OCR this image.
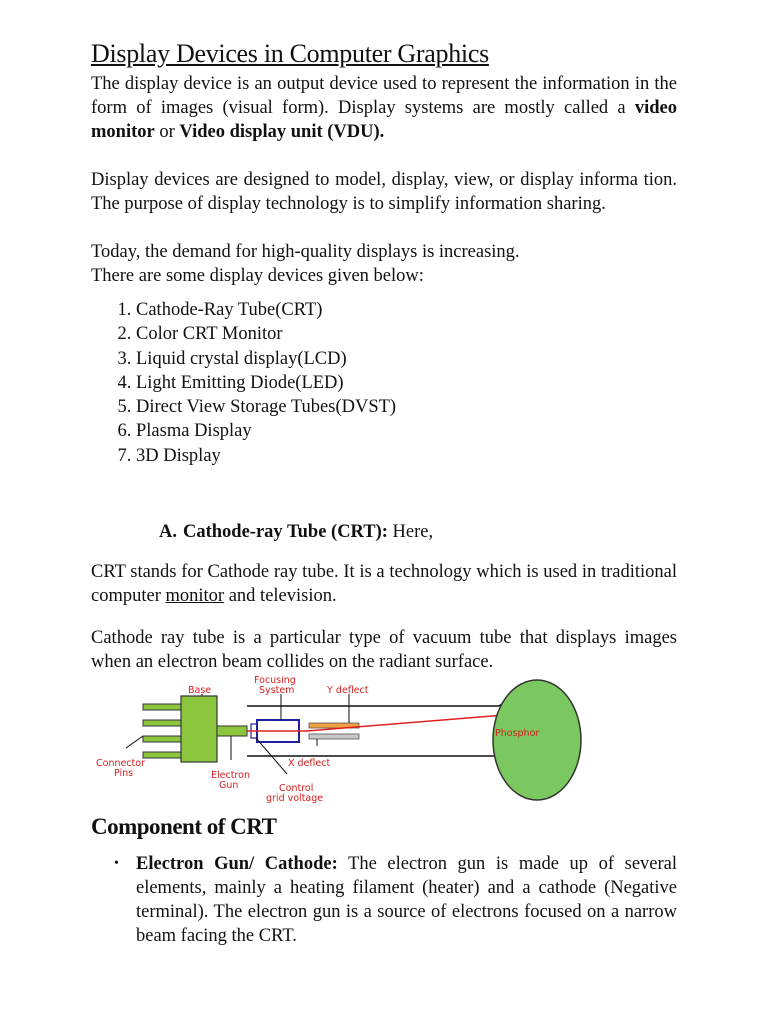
Display Devices in Computer Graphics

The display device is an output device used to represent the information in the form of images (visual form). Display systems are mostly called a video monitor or Video display unit (VDU).

Display devices are designed to model, display, view, or display informa tion. The purpose of display technology is to simplify information sharing.

Today, the demand for high-quality displays is increasing.

There are some display devices given below:

1. Cathode-Ray Tube(CRT)
2. Color CRT Monitor
3. Liquid crystal display(LCD)
4. Light Emitting Diode(LED)
5. Direct View Storage Tubes(DVST)
6. Plasma Display
7. 3D Display
A. Cathode-ray Tube (CRT): Here,

CRT stands for Cathode ray tube. It is a technology which is used in traditional computer monitor and television.

Cathode ray tube is a particular type of vacuum tube that displays images when an electron beam collides on the radiant surface.

Base
Focusing
System	Y deflect
Phosphor
Connector
Pins	Electron
Gun
X deflect
Control
grid voltage
Component of CRT
• Electron Gun/ Cathode: The electron gun is made up of several elements, mainly a heating filament (heater) and a cathode (Negative terminal). The electron gun is a source of electrons focused on a narrow beam facing the CRT.
